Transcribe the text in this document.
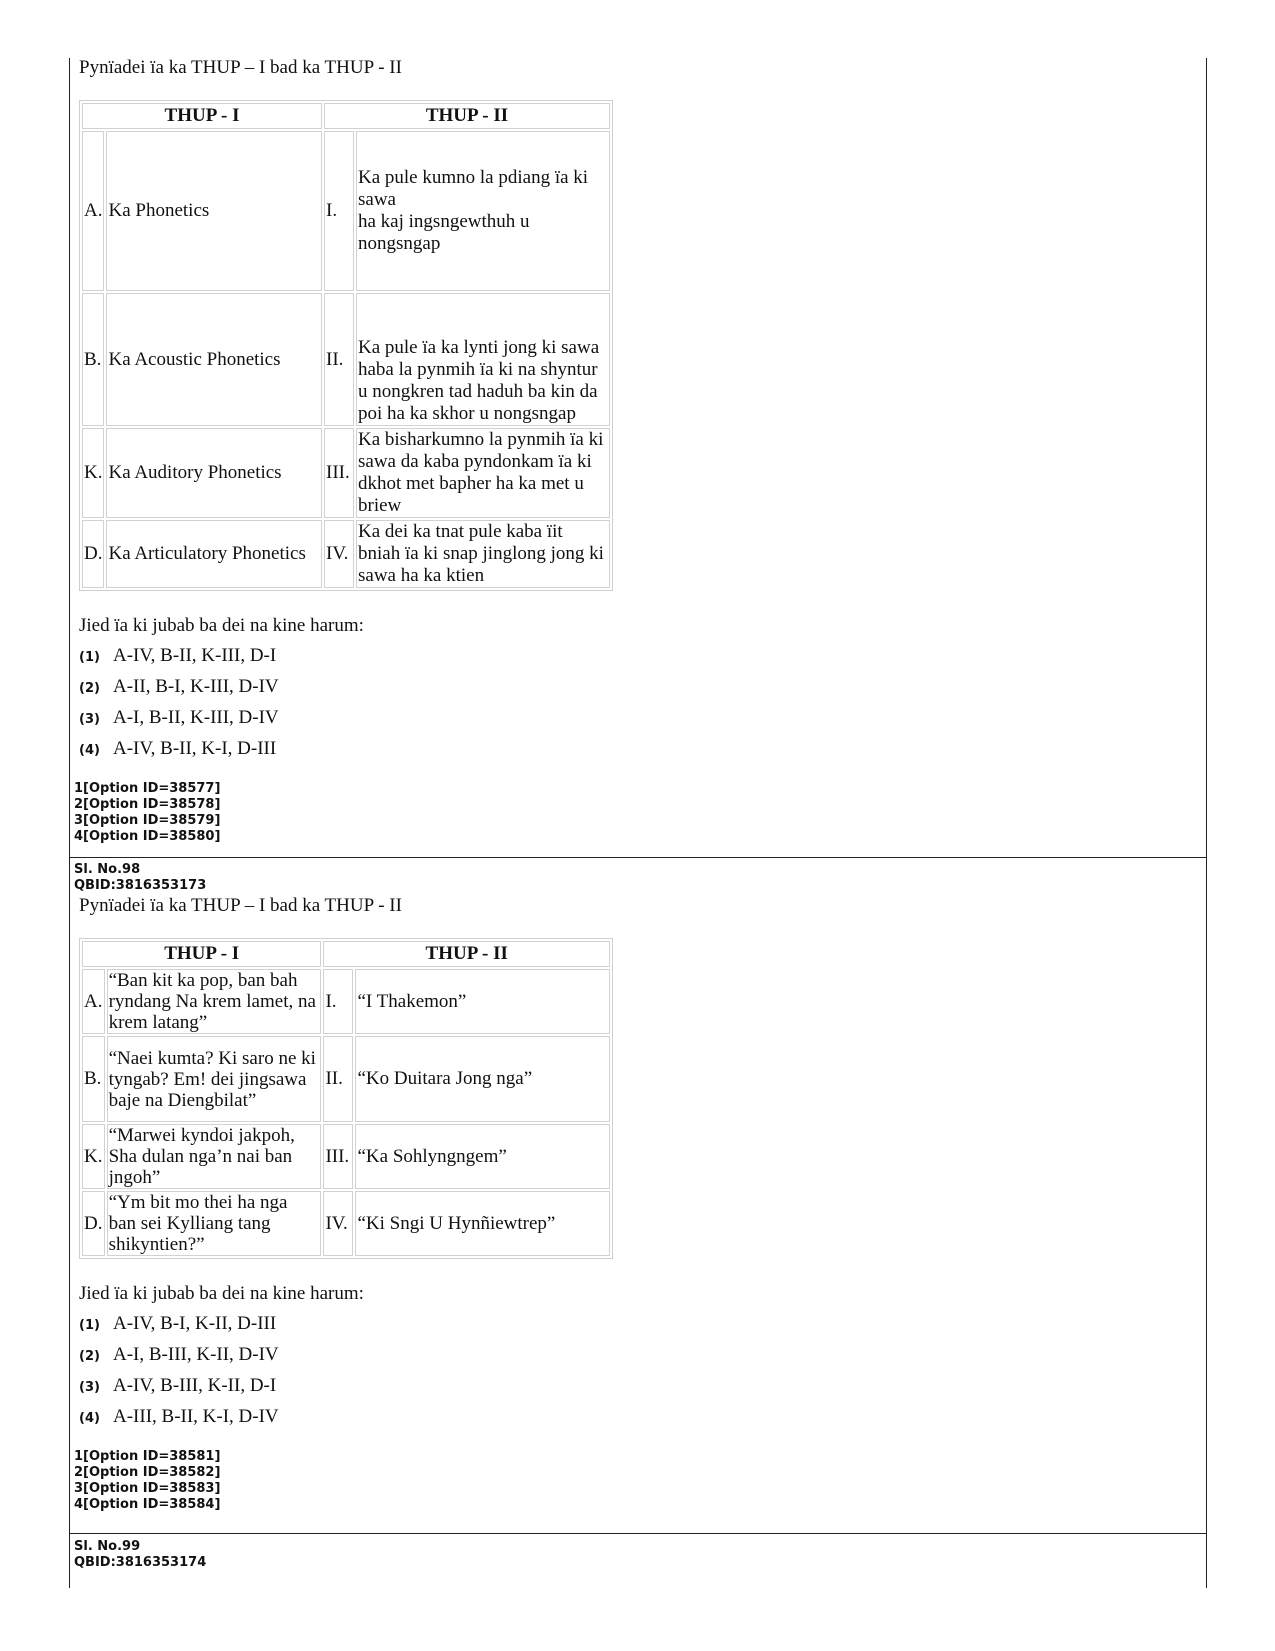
Pynïadei ïa ka THUP – I bad ka THUP - II
THUP - I		THUP - II	
A.	Ka Phonetics	I.	Ka pule kumno la pdiang ïa ki sawa
ha kaj ingsngewthuh u nongsngap
B.	Ka Acoustic Phonetics	II.	Ka pule ïa ka lynti jong ki sawa haba la pynmih ïa ki na shyntur u nongkren tad haduh ba kin da poi ha ka skhor u nongsngap
K.	Ka Auditory Phonetics	III.	Ka bisharkumno la pynmih ïa ki sawa da kaba pyndonkam ïa ki dkhot met bapher ha ka met u briew
D.	Ka Articulatory Phonetics	IV.	Ka dei ka tnat pule kaba ïit bniah ïa ki snap jinglong jong ki sawa ha ka ktien
Jied ïa ki jubab ba dei na kine harum:
(1) A-IV, B-II, K-III, D-I
(2) A-II, B-I, K-III, D-IV
(3) A-I, B-II, K-III, D-IV
(4) A-IV, B-II, K-I, D-III
1[Option ID=38577]
2[Option ID=38578]
3[Option ID=38579]
4[Option ID=38580]
Sl. No.98
QBID:3816353173
Pynïadei ïa ka THUP – I bad ka THUP - II
THUP - I		THUP - II	
A.	“Ban kit ka pop, ban bah ryndang Na krem lamet, na krem latang”	I.	“I Thakemon”
B.	“Naei kumta? Ki saro ne ki tyngab? Em! dei jingsawa baje na Diengbilat”	II.	“Ko Duitara Jong nga”
K.	“Marwei kyndoi jakpoh, Sha dulan nga’n nai ban jngoh”	III.	“Ka Sohlyngngem”
D.	“Ym bit mo thei ha nga ban sei Kylliang tang shikyntien?”	IV.	“Ki Sngi U Hynñiewtrep”
Jied ïa ki jubab ba dei na kine harum:
(1) A-IV, B-I, K-II, D-III
(2) A-I, B-III, K-II, D-IV
(3) A-IV, B-III, K-II, D-I
(4) A-III, B-II, K-I, D-IV
1[Option ID=38581]
2[Option ID=38582]
3[Option ID=38583]
4[Option ID=38584]
Sl. No.99
QBID:3816353174
